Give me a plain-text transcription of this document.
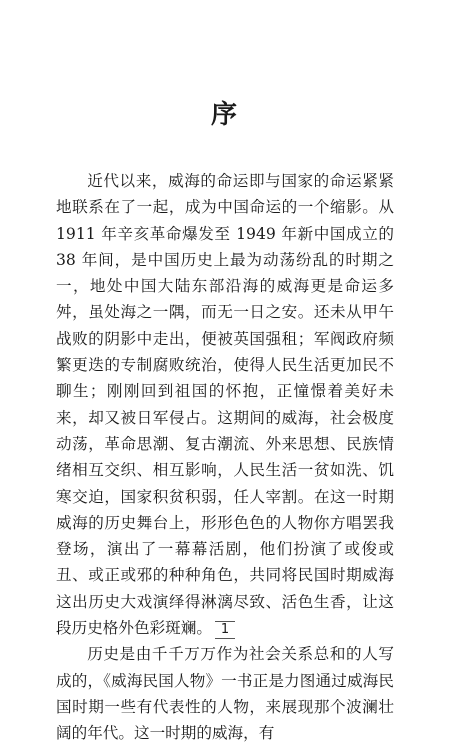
序

近代以来，威海的命运即与国家的命运紧紧地联系在了一起，成为中国命运的一个缩影。从 1911 年辛亥革命爆发至 1949 年新中国成立的 38 年间，是中国历史上最为动荡纷乱的时期之一，地处中国大陆东部沿海的威海更是命运多舛，虽处海之一隅，而无一日之安。还未从甲午战败的阴影中走出，便被英国强租；军阀政府频繁更迭的专制腐败统治，使得人民生活更加民不聊生；刚刚回到祖国的怀抱，正憧憬着美好未来，却又被日军侵占。这期间的威海，社会极度动荡，革命思潮、复古潮流、外来思想、民族情绪相互交织、相互影响，人民生活一贫如洗、饥寒交迫，国家积贫积弱，任人宰割。在这一时期威海的历史舞台上，形形色色的人物你方唱罢我登场，演出了一幕幕活剧，他们扮演了或俊或丑、或正或邪的种种角色，共同将民国时期威海这出历史大戏演绎得淋漓尽致、活色生香，让这段历史格外色彩斑斓。

历史是由千千万万作为社会关系总和的人写成的，《威海民国人物》一书正是力图通过威海民国时期一些有代表性的人物，来展现那个波澜壮阔的年代。这一时期的威海，有

1
